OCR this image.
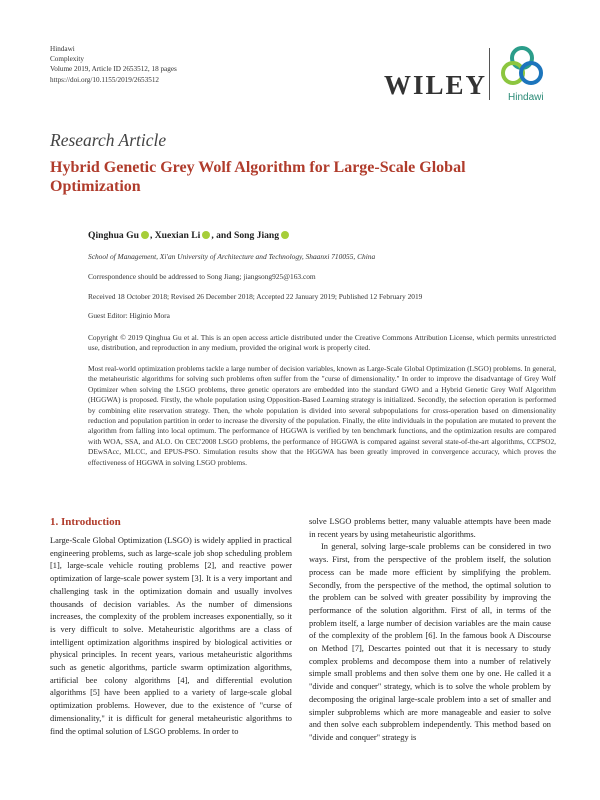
Hindawi
Complexity
Volume 2019, Article ID 2653512, 18 pages
https://doi.org/10.1155/2019/2653512	WILEY Hindawi
Research Article
Hybrid Genetic Grey Wolf Algorithm for Large-Scale Global Optimization
Qinghua Gu , Xuexian Li , and Song Jiang
School of Management, Xi'an University of Architecture and Technology, Shaanxi 710055, China
Correspondence should be addressed to Song Jiang; jiangsong925@163.com
Received 18 October 2018; Revised 26 December 2018; Accepted 22 January 2019; Published 12 February 2019
Guest Editor: Higinio Mora
Copyright © 2019 Qinghua Gu et al. This is an open access article distributed under the Creative Commons Attribution License, which permits unrestricted use, distribution, and reproduction in any medium, provided the original work is properly cited.
Most real-world optimization problems tackle a large number of decision variables, known as Large-Scale Global Optimization (LSGO) problems. In general, the metaheuristic algorithms for solving such problems often suffer from the "curse of dimensionality." In order to improve the disadvantage of Grey Wolf Optimizer when solving the LSGO problems, three genetic operators are embedded into the standard GWO and a Hybrid Genetic Grey Wolf Algorithm (HGGWA) is proposed. Firstly, the whole population using Opposition-Based Learning strategy is initialized. Secondly, the selection operation is performed by combining elite reservation strategy. Then, the whole population is divided into several subpopulations for cross-operation based on dimensionality reduction and population partition in order to increase the diversity of the population. Finally, the elite individuals in the population are mutated to prevent the algorithm from falling into local optimum. The performance of HGGWA is verified by ten benchmark functions, and the optimization results are compared with WOA, SSA, and ALO. On CEC'2008 LSGO problems, the performance of HGGWA is compared against several state-of-the-art algorithms, CCPSO2, DEwSAcc, MLCC, and EPUS-PSO. Simulation results show that the HGGWA has been greatly improved in convergence accuracy, which proves the effectiveness of HGGWA in solving LSGO problems.
1. Introduction

Large-Scale Global Optimization (LSGO) is widely applied in practical engineering problems, such as large-scale job shop scheduling problem [1], large-scale vehicle routing problems [2], and reactive power optimization of large-scale power system [3]. It is a very important and challenging task in the optimization domain and usually involves thousands of decision variables. As the number of dimensions increases, the complexity of the problem increases exponentially, so it is very difficult to solve. Metaheuristic algorithms are a class of intelligent optimization algorithms inspired by biological activities or physical principles. In recent years, various metaheuristic algorithms such as genetic algorithms, particle swarm optimization algorithms, artificial bee colony algorithms [4], and differential evolution algorithms [5] have been applied to a variety of large-scale global optimization problems. However, due to the existence of "curse of dimensionality," it is difficult for general metaheuristic algorithms to find the optimal solution of LSGO problems. In order to

solve LSGO problems better, many valuable attempts have been made in recent years by using metaheuristic algorithms.

In general, solving large-scale problems can be considered in two ways. First, from the perspective of the problem itself, the solution process can be made more efficient by simplifying the problem. Secondly, from the perspective of the method, the optimal solution to the problem can be solved with greater possibility by improving the performance of the solution algorithm. First of all, in terms of the problem itself, a large number of decision variables are the main cause of the complexity of the problem [6]. In the famous book A Discourse on Method [7], Descartes pointed out that it is necessary to study complex problems and decompose them into a number of relatively simple small problems and then solve them one by one. He called it a "divide and conquer" strategy, which is to solve the whole problem by decomposing the original large-scale problem into a set of smaller and simpler subproblems which are more manageable and easier to solve and then solve each subproblem independently. This method based on "divide and conquer" strategy is
